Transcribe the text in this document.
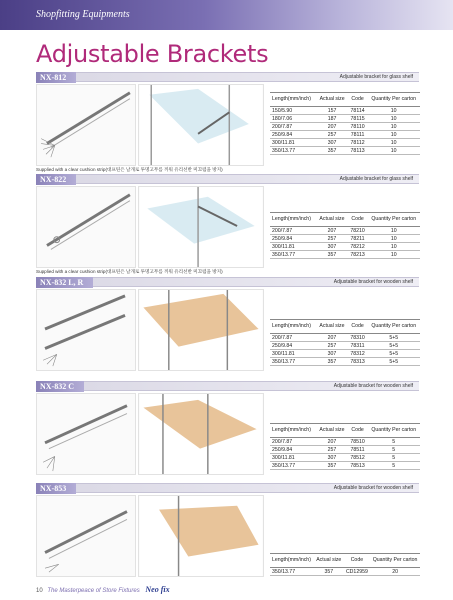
Shopfitting Equipments
Adjustable Brackets
NX-812	Adjustable bracket for glass shelf
Length(mm/inch)	Actual size	Code	Quantity Per carton
150/5.90	157	78114	10
180/7.06	187	78115	10
200/7.87	207	78110	10
250/9.84	257	78111	10
300/11.81	307	78112	10
350/13.77	357	78113	10
Supplied with a clear cushion strip(대프틴은 날개로 투명고무를 끼워 유리선반 미끄럼을 방지)
NX-822	Adjustable bracket for glass shelf
Length(mm/inch)	Actual size	Code	Quantity Per carton
200/7.87	207	78210	10
250/9.84	257	78211	10
300/11.81	307	78212	10
350/13.77	357	78213	10
Supplied with a clear cushion strip(대프틴은 날개로 투명고무를 끼워 유리선반 미끄럼을 방지)
NX-832 L, R	Adjustable bracket for wooden shelf
Length(mm/inch)	Actual size	Code	Quantity Per carton
200/7.87	207	78310	5+5
250/9.84	257	78311	5+5
300/11.81	307	78312	5+5
350/13.77	357	78313	5+5
NX-832 C	Adjustable bracket for wooden shelf
Length(mm/inch)	Actual size	Code	Quantity Per carton
200/7.87	207	78510	5
250/9.84	257	78511	5
300/11.81	307	78512	5
350/13.77	357	78513	5
NX-853	Adjustable bracket for wooden shelf
Length(mm/inch)	Actual size	Code	Quantity Per carton
350/13.77	357	CD12959	20
10 The Masterpeace of Store Fixtures Neo fix
